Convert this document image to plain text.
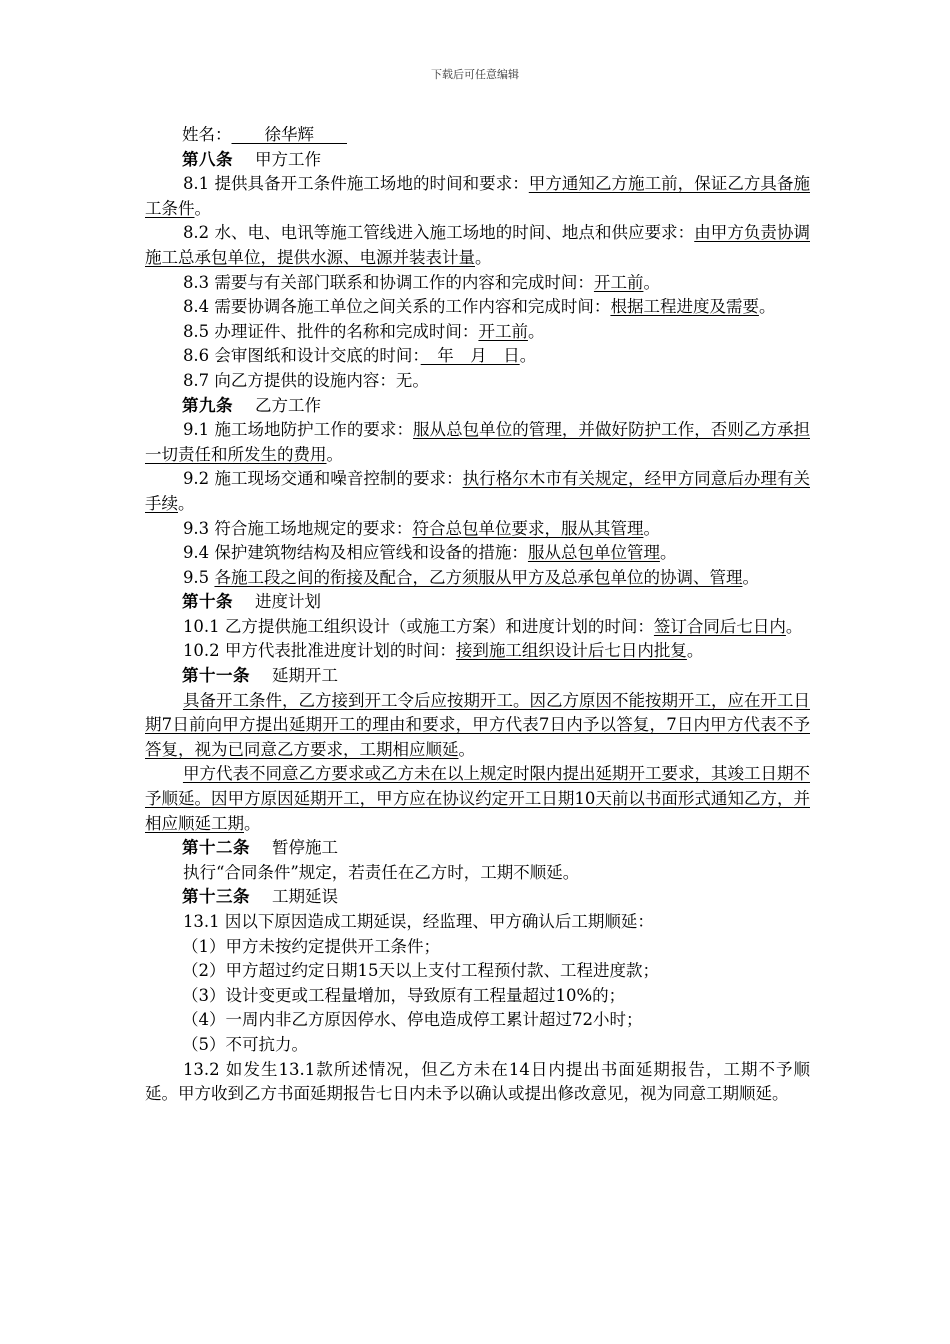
下载后可任意编辑

姓名：　　徐华辉　　

第八条 甲方工作

8.1 提供具备开工条件施工场地的时间和要求：甲方通知乙方施工前，保证乙方具备施工条件。

8.2 水、电、电讯等施工管线进入施工场地的时间、地点和供应要求：由甲方负责协调施工总承包单位，提供水源、电源并装表计量。

8.3 需要与有关部门联系和协调工作的内容和完成时间：开工前。

8.4 需要协调各施工单位之间关系的工作内容和完成时间：根据工程进度及需要。

8.5 办理证件、批件的名称和完成时间：开工前。

8.6 会审图纸和设计交底的时间：　年　月　日。

8.7 向乙方提供的设施内容：无。

第九条 乙方工作

9.1 施工场地防护工作的要求：服从总包单位的管理，并做好防护工作，否则乙方承担一切责任和所发生的费用。

9.2 施工现场交通和噪音控制的要求：执行格尔木市有关规定，经甲方同意后办理有关手续。

9.3 符合施工场地规定的要求：符合总包单位要求，服从其管理。

9.4 保护建筑物结构及相应管线和设备的措施：服从总包单位管理。

9.5 各施工段之间的衔接及配合，乙方须服从甲方及总承包单位的协调、管理。

第十条 进度计划

10.1 乙方提供施工组织设计（或施工方案）和进度计划的时间：签订合同后七日内。

10.2 甲方代表批准进度计划的时间：接到施工组织设计后七日内批复。

第十一条 延期开工

具备开工条件，乙方接到开工令后应按期开工。因乙方原因不能按期开工，应在开工日期7日前向甲方提出延期开工的理由和要求，甲方代表7日内予以答复，7日内甲方代表不予答复，视为已同意乙方要求，工期相应顺延。

甲方代表不同意乙方要求或乙方未在以上规定时限内提出延期开工要求，其竣工日期不予顺延。因甲方原因延期开工，甲方应在协议约定开工日期10天前以书面形式通知乙方，并相应顺延工期。

第十二条 暂停施工

执行“合同条件”规定，若责任在乙方时，工期不顺延。

第十三条 工期延误

13.1 因以下原因造成工期延误，经监理、甲方确认后工期顺延：

（1）甲方未按约定提供开工条件；

（2）甲方超过约定日期15天以上支付工程预付款、工程进度款；

（3）设计变更或工程量增加，导致原有工程量超过10%的；

（4）一周内非乙方原因停水、停电造成停工累计超过72小时；

（5）不可抗力。

13.2 如发生13.1款所述情况，但乙方未在14日内提出书面延期报告，工期不予顺延。甲方收到乙方书面延期报告七日内未予以确认或提出修改意见，视为同意工期顺延。
